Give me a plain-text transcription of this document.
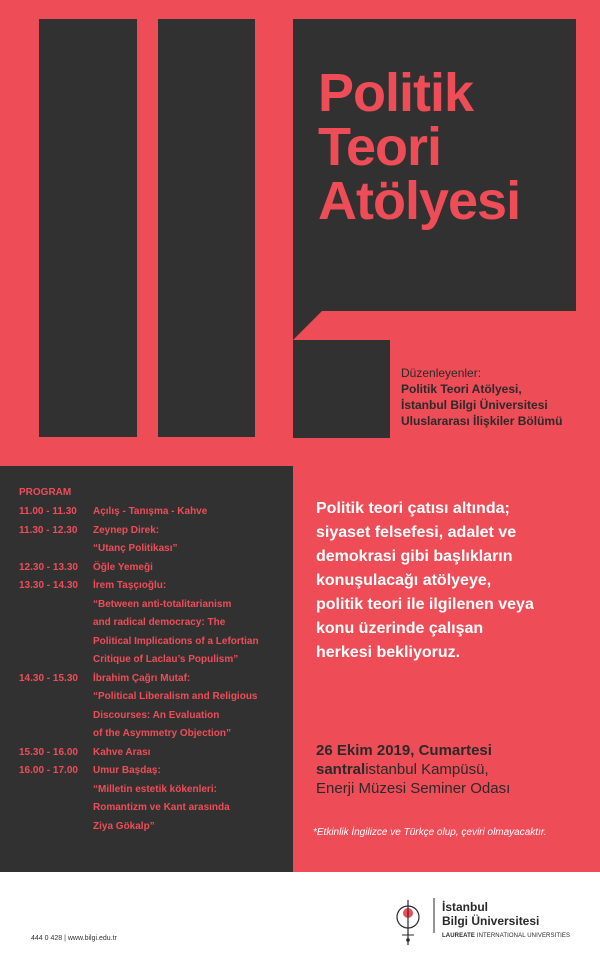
Politik
Teori
Atölyesi
Düzenleyenler:
Politik Teori Atölyesi,
İstanbul Bilgi Üniversitesi
Uluslararası İlişkiler Bölümü
PROGRAM
11.00 - 11.30	Açılış - Tanışma - Kahve
11.30 - 12.30	Zeynep Direk:
“Utanç Politikası”
12.30 - 13.30	Öğle Yemeği
13.30 - 14.30	İrem Taşçıoğlu:
“Between anti-totalitarianism
and radical democracy: The
Political Implications of a Lefortian
Critique of Laclau’s Populism”
14.30 - 15.30	İbrahim Çağrı Mutaf:
“Political Liberalism and Religious
Discourses: An Evaluation
of the Asymmetry Objection”
15.30 - 16.00	Kahve Arası
16.00 - 17.00	Umur Başdaş:
“Milletin estetik kökenleri:
Romantizm ve Kant arasında
Ziya Gökalp”
Politik teori çatısı altında;
siyaset felsefesi, adalet ve
demokrasi gibi başlıkların
konuşulacağı atölyeye,
politik teori ile ilgilenen veya
konu üzerinde çalışan
herkesi bekliyoruz.
26 Ekim 2019, Cumartesi
santralistanbul Kampüsü,
Enerji Müzesi Seminer Odası
*Etkinlik İngilizce ve Türkçe olup, çeviri olmayacaktır.
444 0 428 | www.bilgi.edu.tr
İstanbul
Bilgi Üniversitesi
LAUREATE INTERNATIONAL UNIVERSITIES
